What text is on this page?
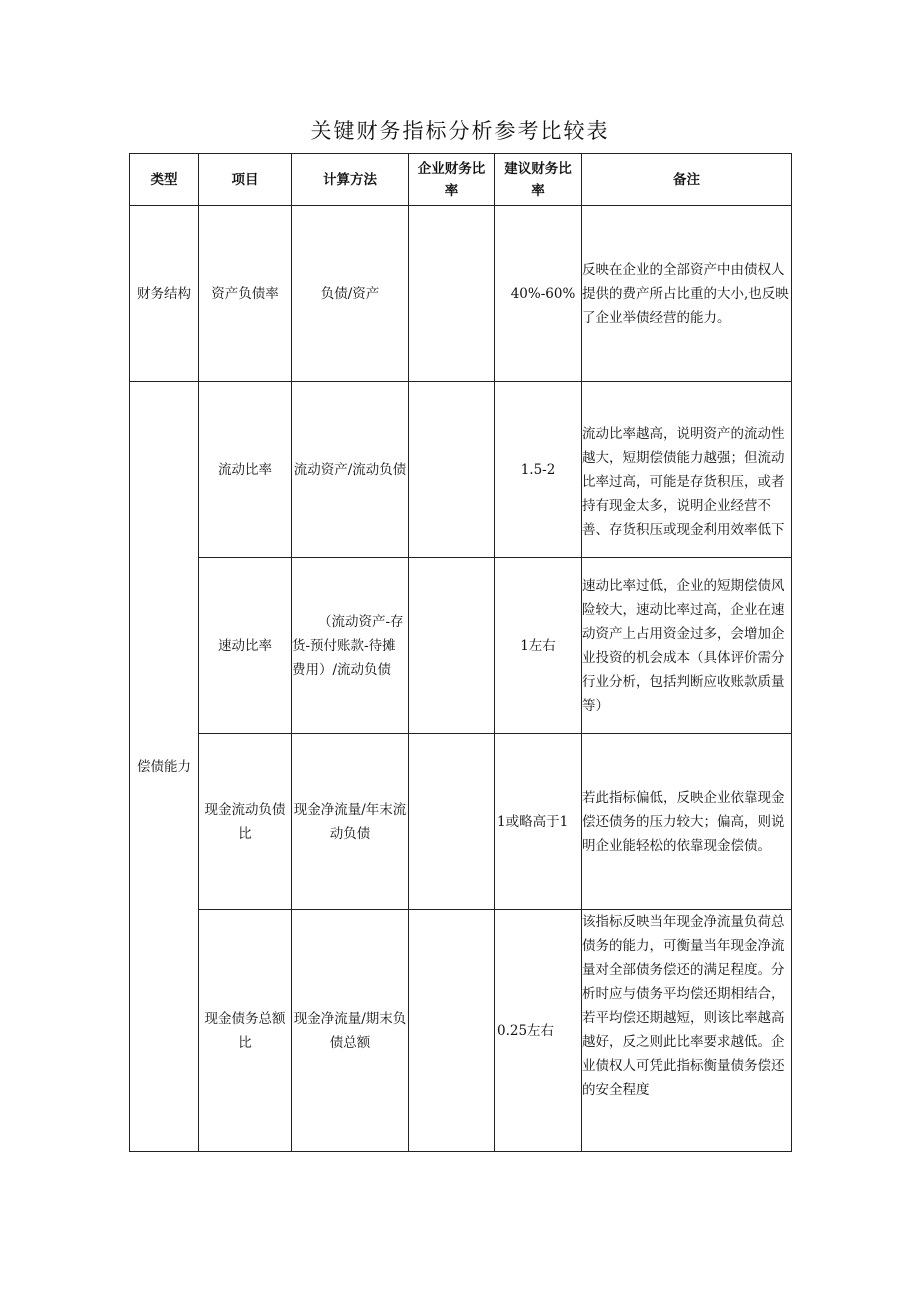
关键财务指标分析参考比较表
类型	项目	计算方法	企业财务比率	建议财务比率	备注
财务结构	资产负债率	负债/资产		40%-60%	反映在企业的全部资产中由债权人提供的费产所占比重的大小,也反映了企业举债经营的能力。
偿债能力	流动比率	流动资产/流动负债		1.5-2	流动比率越高，说明资产的流动性越大，短期偿债能力越强；但流动比率过高，可能是存货积压，或者持有现金太多，说明企业经营不善、存货积压或现金利用效率低下
	速动比率	（流动资产-存货-预付账款-待摊费用）/流动负债		1左右	速动比率过低，企业的短期偿债风险较大，速动比率过高，企业在速动资产上占用资金过多，会增加企业投资的机会成本（具体评价需分行业分析，包括判断应收账款质量等）
	现金流动负债比	现金净流量/年末流动负债		1或略高于1	若此指标偏低，反映企业依靠现金偿还债务的压力较大；偏高，则说明企业能轻松的依靠现金偿债。
	现金债务总额比	现金净流量/期末负债总额		0.25左右	该指标反映当年现金净流量负荷总债务的能力，可衡量当年现金净流量对全部债务偿还的满足程度。分析时应与债务平均偿还期相结合，若平均偿还期越短，则该比率越高越好，反之则此比率要求越低。企业债权人可凭此指标衡量债务偿还的安全程度
